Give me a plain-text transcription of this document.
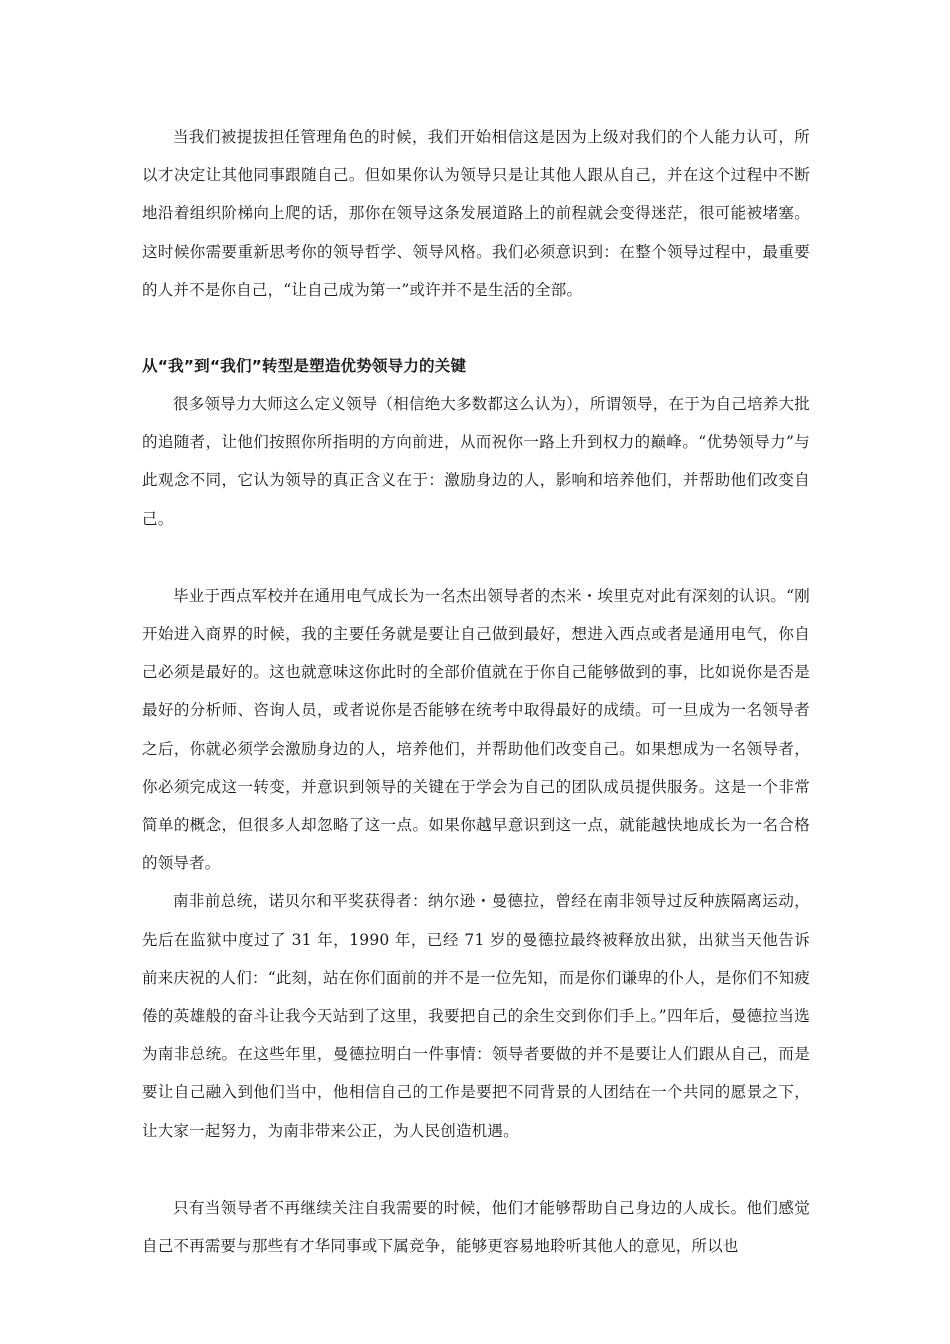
当我们被提拔担任管理角色的时候，我们开始相信这是因为上级对我们的个人能力认可，所以才决定让其他同事跟随自己。但如果你认为领导只是让其他人跟从自己，并在这个过程中不断地沿着组织阶梯向上爬的话，那你在领导这条发展道路上的前程就会变得迷茫，很可能被堵塞。这时候你需要重新思考你的领导哲学、领导风格。我们必须意识到：在整个领导过程中，最重要的人并不是你自己，“让自己成为第一”或许并不是生活的全部。

从“我”到“我们”转型是塑造优势领导力的关键

很多领导力大师这么定义领导（相信绝大多数都这么认为），所谓领导，在于为自己培养大批的追随者，让他们按照你所指明的方向前进，从而祝你一路上升到权力的巅峰。“优势领导力”与此观念不同，它认为领导的真正含义在于：激励身边的人，影响和培养他们，并帮助他们改变自己。

毕业于西点军校并在通用电气成长为一名杰出领导者的杰米・埃里克对此有深刻的认识。“刚开始进入商界的时候，我的主要任务就是要让自己做到最好，想进入西点或者是通用电气，你自己必须是最好的。这也就意味这你此时的全部价值就在于你自己能够做到的事，比如说你是否是最好的分析师、咨询人员，或者说你是否能够在统考中取得最好的成绩。可一旦成为一名领导者之后，你就必须学会激励身边的人，培养他们，并帮助他们改变自己。如果想成为一名领导者，你必须完成这一转变，并意识到领导的关键在于学会为自己的团队成员提供服务。这是一个非常简单的概念，但很多人却忽略了这一点。如果你越早意识到这一点，就能越快地成长为一名合格的领导者。

南非前总统，诺贝尔和平奖获得者：纳尔逊・曼德拉，曾经在南非领导过反种族隔离运动，先后在监狱中度过了 31 年，1990 年，已经 71 岁的曼德拉最终被释放出狱，出狱当天他告诉前来庆祝的人们：“此刻，站在你们面前的并不是一位先知，而是你们谦卑的仆人，是你们不知疲倦的英雄般的奋斗让我今天站到了这里，我要把自己的余生交到你们手上。”四年后，曼德拉当选为南非总统。在这些年里，曼德拉明白一件事情：领导者要做的并不是要让人们跟从自己，而是要让自己融入到他们当中，他相信自己的工作是要把不同背景的人团结在一个共同的愿景之下，让大家一起努力，为南非带来公正，为人民创造机遇。

只有当领导者不再继续关注自我需要的时候，他们才能够帮助自己身边的人成长。他们感觉自己不再需要与那些有才华同事或下属竞争，能够更容易地聆听其他人的意见，所以也
